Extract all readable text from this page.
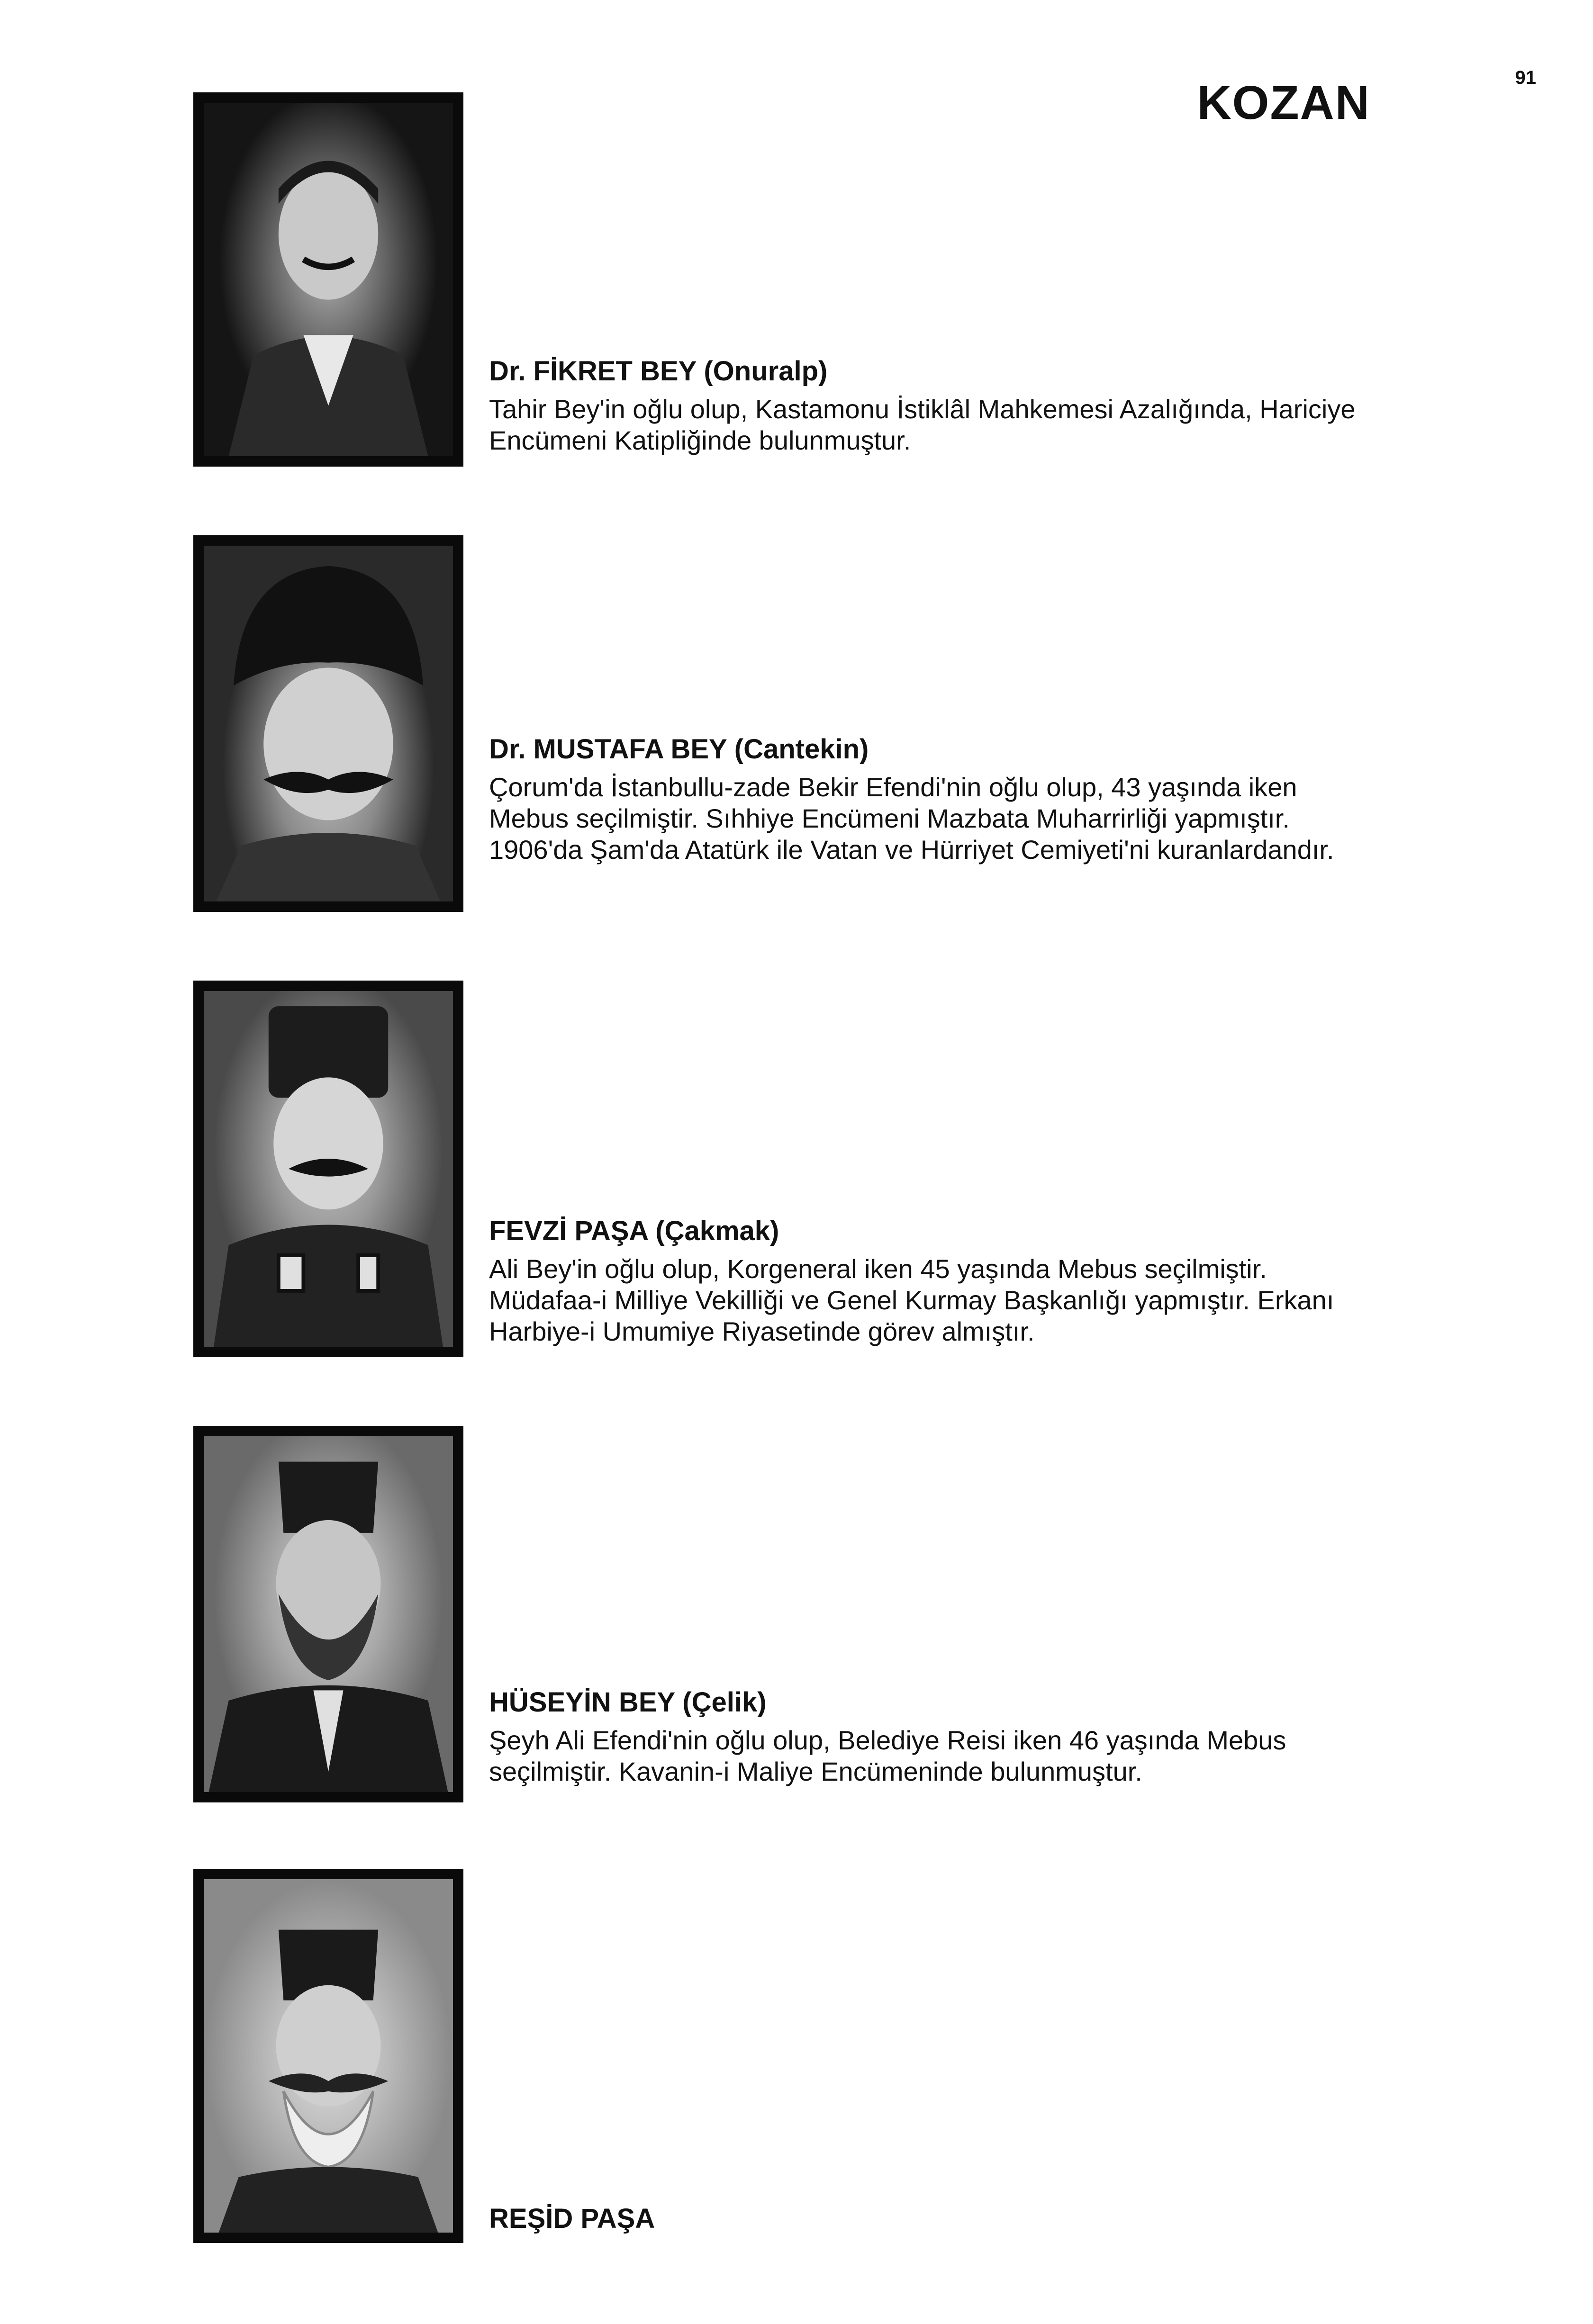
91
KOZAN

Dr. FİKRET BEY (Onuralp)

Tahir Bey'in oğlu olup, Kastamonu İstiklâl Mahkemesi Azalığında, Hariciye Encümeni Katipliğinde bulunmuştur.

Dr. MUSTAFA BEY (Cantekin)

Çorum'da İstanbullu-zade Bekir Efendi'nin oğlu olup, 43 yaşında iken Mebus seçilmiştir. Sıhhiye Encümeni Mazbata Muharrirliği yapmıştır. 1906'da Şam'da Atatürk ile Vatan ve Hürriyet Cemiyeti'ni kuranlardandır.

FEVZİ PAŞA (Çakmak)

Ali Bey'in oğlu olup, Korgeneral iken 45 yaşında Mebus seçilmiştir. Müdafaa-i Milliye Vekilliği ve Genel Kurmay Başkanlığı yapmıştır. Erkanı Harbiye-i Umumiye Riyasetinde görev almıştır.

HÜSEYİN BEY (Çelik)

Şeyh Ali Efendi'nin oğlu olup, Belediye Reisi iken 46 yaşında Mebus seçilmiştir. Kavanin-i Maliye Encümeninde bulunmuştur.

REŞİD PAŞA
